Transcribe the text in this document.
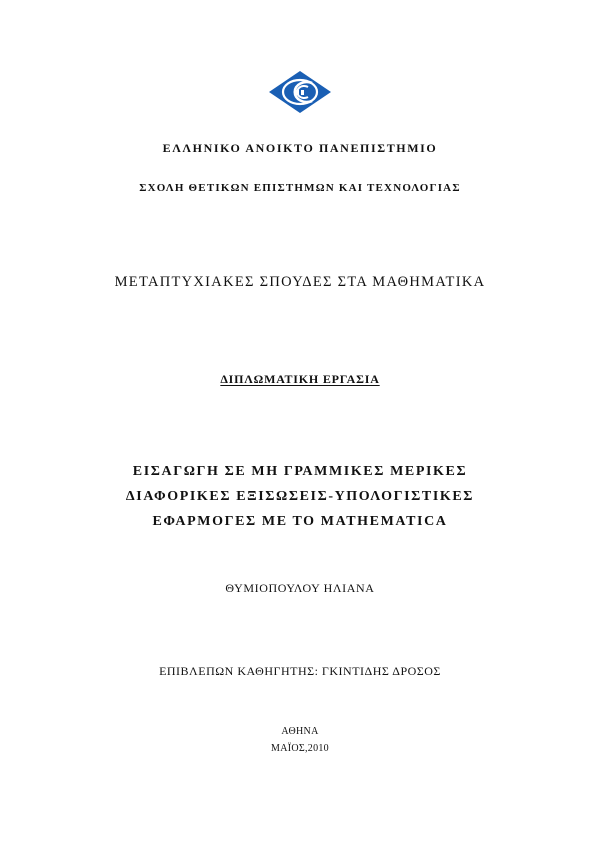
ΕΛΛΗΝΙΚΟ ΑΝΟΙΚΤΟ ΠΑΝΕΠΙΣΤΗΜΙΟ
ΣΧΟΛΗ ΘΕΤΙΚΩΝ ΕΠΙΣΤΗΜΩΝ ΚΑΙ ΤΕΧΝΟΛΟΓΙΑΣ
ΜΕΤΑΠΤΥΧΙΑΚΕΣ ΣΠΟΥΔΕΣ ΣΤΑ ΜΑΘΗΜΑΤΙΚΑ
ΔΙΠΛΩΜΑΤΙΚΗ ΕΡΓΑΣΙΑ
ΕΙΣΑΓΩΓΗ ΣΕ ΜΗ ΓΡΑΜΜΙΚΕΣ ΜΕΡΙΚΕΣ
ΔΙΑΦΟΡΙΚΕΣ ΕΞΙΣΩΣΕΙΣ-ΥΠΟΛΟΓΙΣΤΙΚΕΣ
ΕΦΑΡΜΟΓΕΣ ΜΕ ΤΟ MATHEMATICA
ΘΥΜΙΟΠΟΥΛΟΥ ΗΛΙΑΝΑ
ΕΠΙΒΛΕΠΩΝ ΚΑΘΗΓΗΤΗΣ: ΓΚΙΝΤΙΔΗΣ ΔΡΟΣΟΣ
ΑΘΗΝΑ
ΜΑΪΟΣ,2010
